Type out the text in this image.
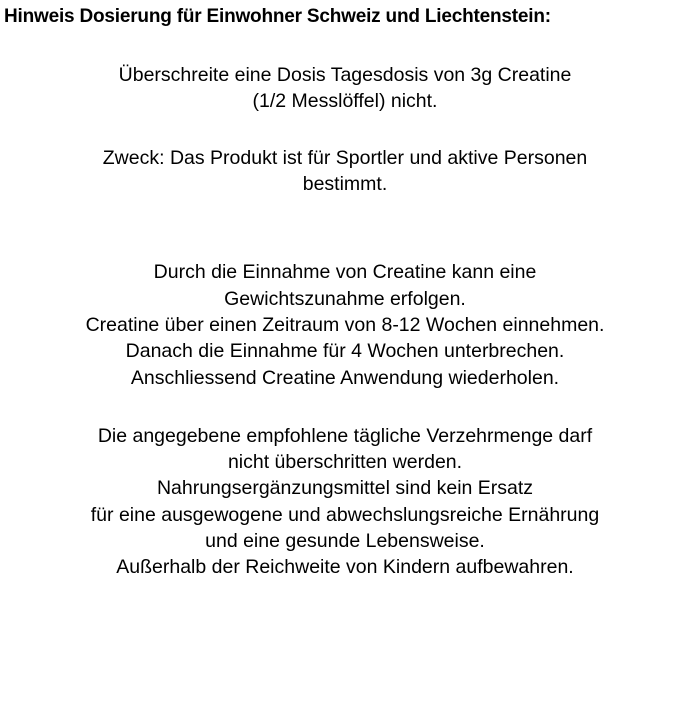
Hinweis Dosierung für Einwohner Schweiz und Liechtenstein:
Überschreite eine Dosis Tagesdosis von 3g Creatine
(1/2 Messlöffel) nicht.
Zweck: Das Produkt ist für Sportler und aktive Personen
bestimmt.
Durch die Einnahme von Creatine kann eine
Gewichtszunahme erfolgen.
Creatine über einen Zeitraum von 8-12 Wochen einnehmen.
Danach die Einnahme für 4 Wochen unterbrechen.
Anschliessend Creatine Anwendung wiederholen.
Die angegebene empfohlene tägliche Verzehrmenge darf
nicht überschritten werden.
Nahrungsergänzungsmittel sind kein Ersatz
für eine ausgewogene und abwechslungsreiche Ernährung
und eine gesunde Lebensweise.
Außerhalb der Reichweite von Kindern aufbewahren.
